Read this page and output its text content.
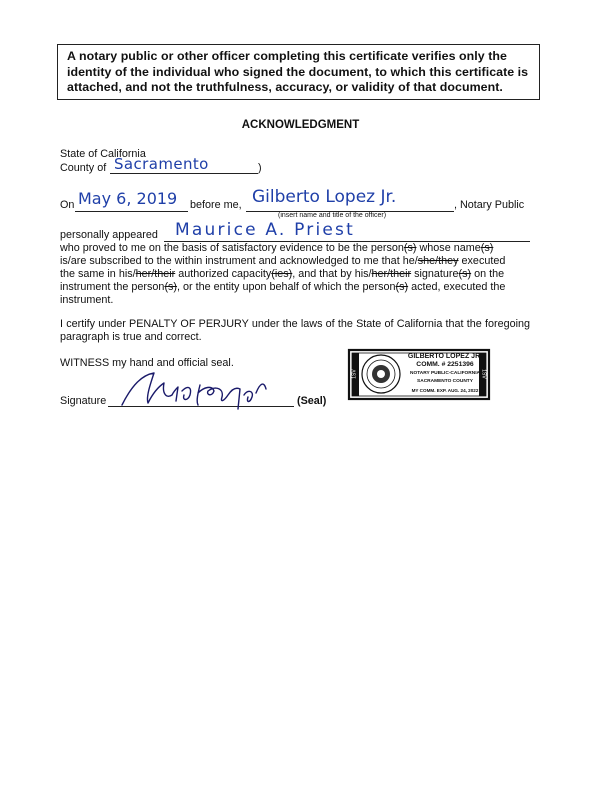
A notary public or other officer completing this certificate verifies only the identity of the individual who signed the document, to which this certificate is attached, and not the truthfulness, accuracy, or validity of that document.
ACKNOWLEDGMENT
State of California
County of Sacramento	)
On May 6, 2019 before me, Gilberto Lopez Jr.	, Notary Public
(insert name and title of the officer)
personally appeared Maurice A. Priest
who proved to me on the basis of satisfactory evidence to be the person(s) whose name(s)
is/are subscribed to the within instrument and acknowledged to me that he/she/they executed
the same in his/her/their authorized capacity(ies), and that by his/her/their signature(s) on the
instrument the person(s), or the entity upon behalf of which the person(s) acted, executed the
instrument.
I certify under PENALTY OF PERJURY under the laws of the State of California that the foregoing paragraph is true and correct.
WITNESS my hand and official seal.
Signature	(Seal)
1SV	1SV
GILBERTO LOPEZ JR.
COMM. # 2251396
NOTARY PUBLIC-CALIFORNIA
SACRAMENTO COUNTY
MY COMM. EXP. AUG. 24, 2022
